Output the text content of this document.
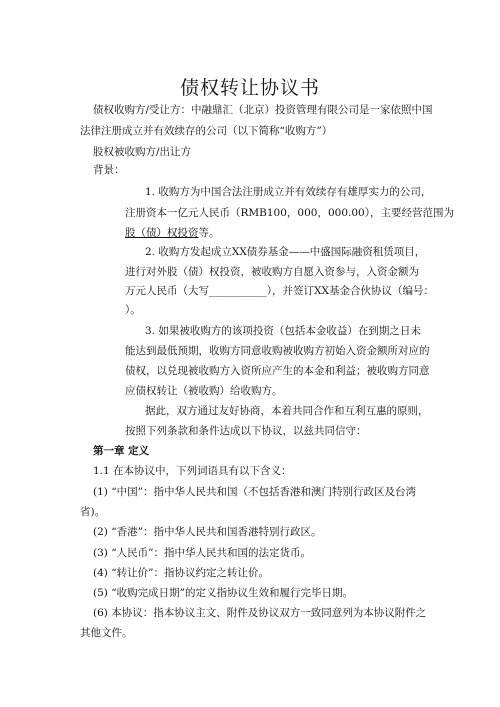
债权转让协议书
债权收购方/受让方：中融鼎汇（北京）投资管理有限公司是一家依照中国
法律注册成立并有效续存的公司（以下简称“收购方”）
股权被收购方/出让方
背景：
1. 收购方为中国合法注册成立并有效续存有雄厚实力的公司，
注册资本一亿元人民币（RMB100，000，000.00），主要经营范围为
股（债）权投资等。
2. 收购方发起成立XX债券基金——中盛国际融资租赁项目，
进行对外股（债）权投资，被收购方自愿入资参与，入资金额为
万元人民币（大写___________），并签订XX基金合伙协议（编号：
）。
3. 如果被收购方的该项投资（包括本金收益）在到期之日未
能达到最低预期，收购方同意收购被收购方初始入资金额所对应的
债权，以兑现被收购方入资所应产生的本金和利益；被收购方同意
应债权转让（被收购）给收购方。
据此，双方通过友好协商，本着共同合作和互利互惠的原则，
按照下列条款和条件达成以下协议，以兹共同信守：
第一章 定义
1.1 在本协议中，下列词语具有以下含义：
(1) “中国”：指中华人民共和国（不包括香港和澳门特别行政区及台湾
省)。
(2) “香港”：指中华人民共和国香港特别行政区。
(3) “人民币”：指中华人民共和国的法定货币。
(4) “转让价”：指协议约定之转让价。
(5) “收购完成日期”的定义指协议生效和履行完毕日期。
(6) 本协议：指本协议主文、附件及协议双方一致同意列为本协议附件之
其他文件。
